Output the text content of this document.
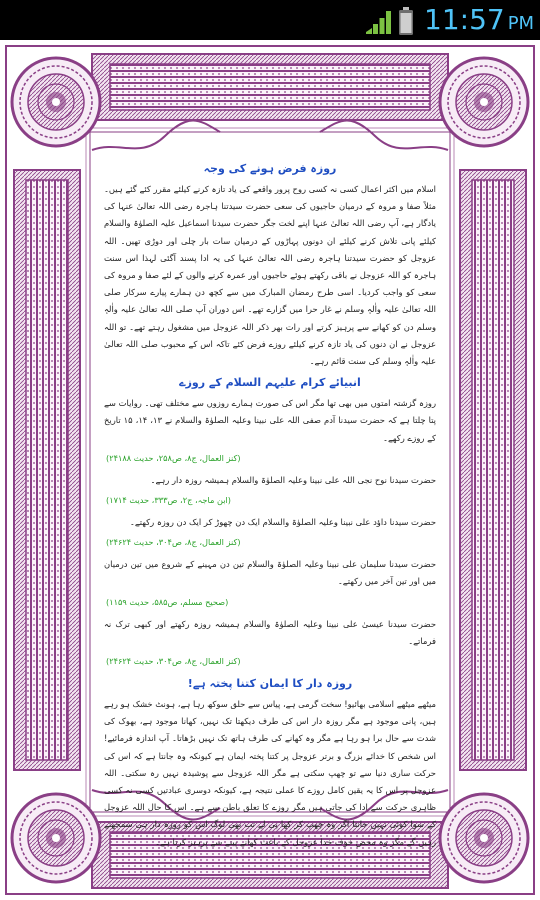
11:57 PM
روزہ فرض ہونے کی وجہ

اسلام میں اکثر اعمال کسی نہ کسی روح پرور واقعے کی یاد تازہ کرنے کیلئے مقرر کئے گئے ہیں۔ مثلاً صفا و مروہ کے درمیان حاجیوں کی سعی حضرت سیدتنا ہاجرہ رضی اللہ تعالیٰ عنہا کی یادگار ہے، آپ رضی اللہ تعالیٰ عنہا اپنے لخت جگر حضرت سیدنا اسماعیل علیہ الصلوٰۃ والسلام کیلئے پانی تلاش کرنے کیلئے ان دونوں پہاڑوں کے درمیان سات بار چلی اور دوڑی تھیں۔ اللہ عزوجل کو حضرت سیدتنا ہاجرہ رضی اللہ تعالیٰ عنہا کی یہ ادا پسند آگئی لہذا اس سنت ہاجرہ کو اللہ عزوجل نے باقی رکھتے ہوئے حاجیوں اور عمرہ کرنے والوں کے لئے صفا و مروہ کی سعی کو واجب کردیا۔ اسی طرح رمضان المبارک میں سے کچھ دن ہمارے پیارے سرکار صلی اللہ تعالیٰ علیہ واٰلہٖ وسلم نے غار حرا میں گزارے تھے۔ اس دوران آپ صلی اللہ تعالیٰ علیہ واٰلہٖ وسلم دن کو کھانے سے پرہیز کرتے اور رات بھر ذکر اللہ عزوجل میں مشغول رہتے تھے۔ تو اللہ عزوجل نے ان دنوں کی یاد تازہ کرنے کیلئے روزے فرض کئے تاکہ اس کے محبوب صلی اللہ تعالیٰ علیہ واٰلہٖ وسلم کی سنت قائم رہے۔

انبیائے کرام علیہم السلام کے روزے

روزہ گزشتہ امتوں میں بھی تھا مگر اس کی صورت ہمارے روزوں سے مختلف تھی۔ روایات سے پتا چلتا ہے کہ حضرت سیدنا آدم صفی اللہ علی نبینا وعلیہ الصلوٰۃ والسلام نے ۱۳، ۱۴، ۱۵ تاریخ کے روزے رکھے۔

(کنز العمال، ج۸، ص۲۵۸، حدیث ۲۴۱۸۸)

حضرت سیدنا نوح نجی اللہ علی نبینا وعلیہ الصلوٰۃ والسلام ہمیشہ روزہ دار رہے۔

(ابن ماجہ، ج۲، ص۳۳۳، حدیث ۱۷۱۴)

حضرت سیدنا داؤد علی نبینا وعلیہ الصلوٰۃ والسلام ایک دن چھوڑ کر ایک دن روزہ رکھتے۔

(کنز العمال، ج۸، ص۳۰۴، حدیث ۲۴۶۲۴)

حضرت سیدنا سلیمان علی نبینا وعلیہ الصلوٰۃ والسلام تین دن مہینے کے شروع میں تین درمیان میں اور تین آخر میں رکھتے۔

(صحیح مسلم، ص۵۸۵، حدیث ۱۱۵۹)

حضرت سیدنا عیسیٰ علی نبینا وعلیہ الصلوٰۃ والسلام ہمیشہ روزہ رکھتے اور کبھی ترک نہ فرماتے۔

(کنز العمال، ج۸، ص۳۰۴، حدیث ۲۴۶۲۴)
روزہ دار کا ایمان کتنا پختہ ہے!

میٹھے میٹھے اسلامی بھائیو! سخت گرمی ہے، پیاس سے حلق سوکھ رہا ہے، ہونٹ خشک ہو رہے ہیں، پانی موجود ہے مگر روزہ دار اس کی طرف دیکھتا تک نہیں، کھانا موجود ہے، بھوک کی شدت سے حال برا ہو رہا ہے مگر وہ کھانے کی طرف ہاتھ تک نہیں بڑھاتا۔ آپ اندازہ فرمائیے! اس شخص کا خدائے بزرگ و برتر عزوجل پر کتنا پختہ ایمان ہے کیونکہ وہ جانتا ہے کہ اس کی حرکت ساری دنیا سے تو چھپ سکتی ہے مگر اللہ عزوجل سے پوشیدہ نہیں رہ سکتی۔ اللہ عزوجل پر اس کا یہ یقین کامل روزے کا عملی نتیجہ ہے، کیونکہ دوسری عبادتیں کسی نہ کسی ظاہری حرکت سے ادا کی جاتی ہیں مگر روزے کا تعلق باطن سے ہے۔ اس کا حال اللہ عزوجل کے سوا کوئی نہیں جانتا اگر وہ چھپ کر کھا پی لے تب بھی لوگ اس کو روزہ دار ہی سمجھتے رہیں گے مگر وہ محض خوف خدا عزوجل کے باعث کھانے پینے سے پرہیز کرتا ہے۔
